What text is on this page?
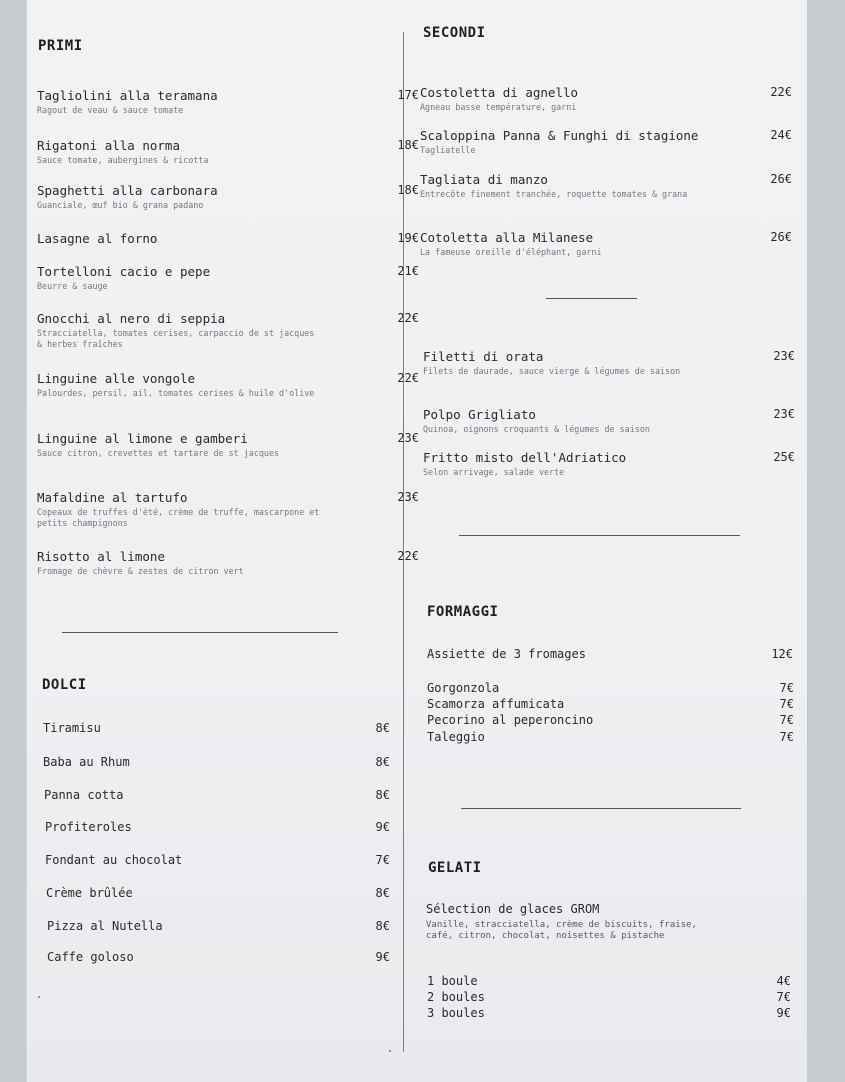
PRIMI
Tagliolini alla teramana
Ragout de veau & sauce tomate
17€
Rigatoni alla norma
Sauce tomate, aubergines & ricotta
18€
Spaghetti alla carbonara
Guanciale, œuf bio & grana padano
18€
Lasagne al forno	19€
Tortelloni cacio e pepe
Beurre & sauge
21€
Gnocchi al nero di seppia
Stracciatella, tomates cerises, carpaccio de st jacques & herbes fraîches
22€
Linguine alle vongole
Palourdes, persil, ail, tomates cerises & huile d'olive
22€
Linguine al limone e gamberi
Sauce citron, crevettes et tartare de st jacques
23€
Mafaldine al tartufo
Copeaux de truffes d'été, crème de truffe, mascarpone et petits champignons
23€
Risotto al limone
Fromage de chèvre & zestes de citron vert
22€
DOLCI
Tiramisu	8€
Baba au Rhum	8€
Panna cotta	8€
Profiteroles	9€
Fondant au chocolat	7€
Crème brûlée	8€
Pizza al Nutella	8€
Caffe goloso	9€
SECONDI
Costoletta di agnello
Agneau basse température, garni
22€
Scaloppina Panna & Funghi di stagione
Tagliatelle
24€
Tagliata di manzo
Entrecôte finement tranchée, roquette tomates & grana
26€
Cotoletta alla Milanese
La fameuse oreille d'éléphant, garni
26€
Filetti di orata
Filets de daurade, sauce vierge & légumes de saison
23€
Polpo Grigliato
Quinoa, oignons croquants & légumes de saison
23€
Fritto misto dell'Adriatico
Selon arrivage, salade verte
25€
FORMAGGI
Assiette de 3 fromages	12€
Gorgonzola	7€
Scamorza affumicata	7€
Pecorino al peperoncino	7€
Taleggio	7€
GELATI
Sélection de glaces GROM
Vanille, stracciatella, crème de biscuits, fraise, café, citron, chocolat, noisettes & pistache
1 boule	4€
2 boules	7€
3 boules	9€
